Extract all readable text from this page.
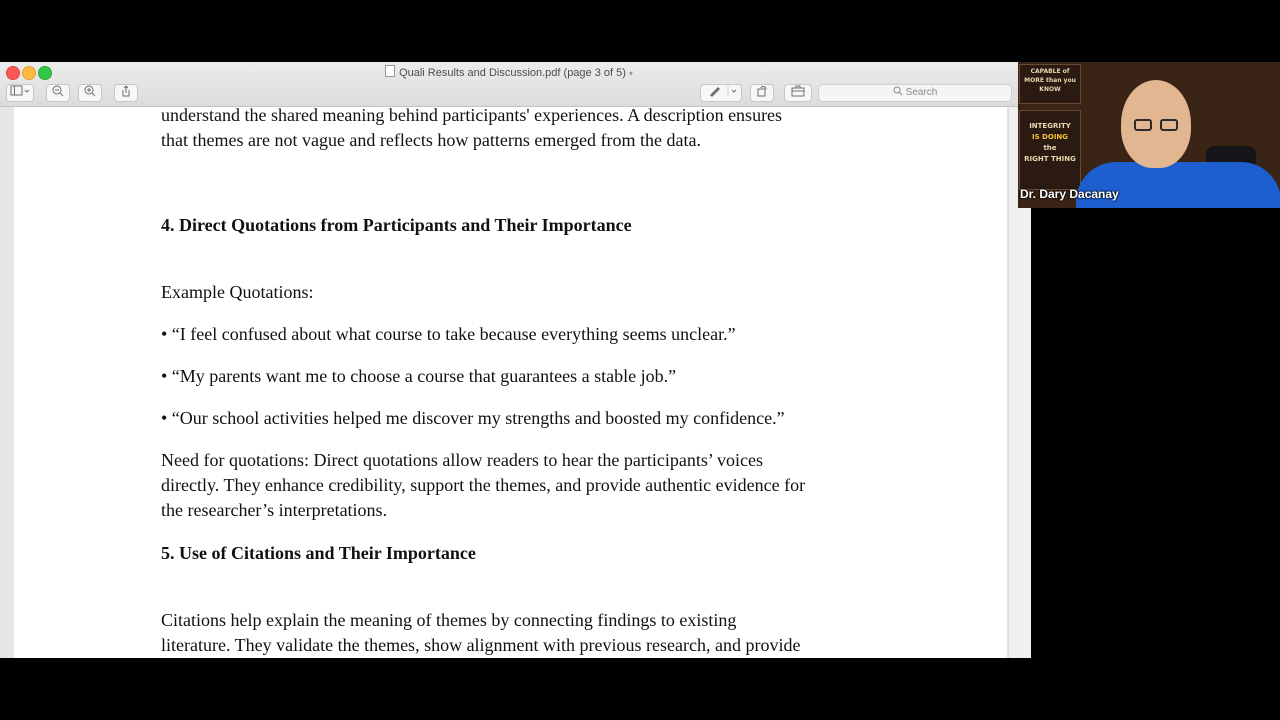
Quali Results and Discussion.pdf (page 3 of 5) ▾
Search
understand the shared meaning behind participants' experiences. A description ensures
that themes are not vague and reflects how patterns emerged from the data.
4. Direct Quotations from Participants and Their Importance
Example Quotations:
• “I feel confused about what course to take because everything seems unclear.”
• “My parents want me to choose a course that guarantees a stable job.”
• “Our school activities helped me discover my strengths and boosted my confidence.”
Need for quotations: Direct quotations allow readers to hear the participants’ voices
directly. They enhance credibility, support the themes, and provide authentic evidence for
the researcher’s interpretations.
5. Use of Citations and Their Importance
Citations help explain the meaning of themes by connecting findings to existing
literature. They validate the themes, show alignment with previous research, and provide
CAPABLE of MORE than you KNOW
INTEGRITY
IS DOING
the
RIGHT THING
Dr. Dary Dacanay
